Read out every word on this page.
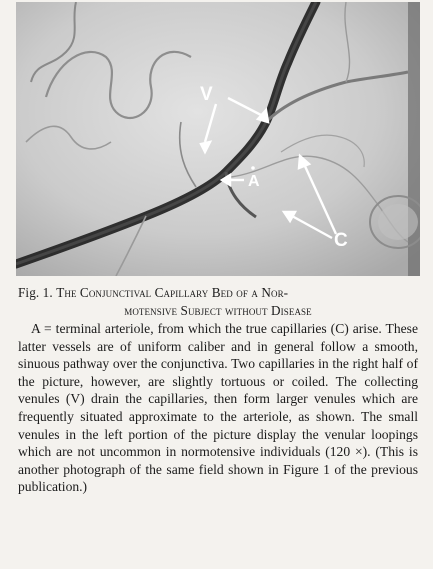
V
A
C
Fig. 1. The Conjunctival Capillary Bed of a Nor-
motensive Subject without Disease

A = terminal arteriole, from which the true capillaries (C) arise. These latter vessels are of uniform caliber and in general follow a smooth, sinuous pathway over the conjunctiva. Two capillaries in the right half of the picture, however, are slightly tortuous or coiled. The collecting venules (V) drain the capillaries, then form larger venules which are frequently situated approximate to the arteriole, as shown. The small venules in the left portion of the picture display the venular loopings which are not uncommon in normotensive individuals (120 ×). (This is another photograph of the same field shown in Figure 1 of the previous publication.)
